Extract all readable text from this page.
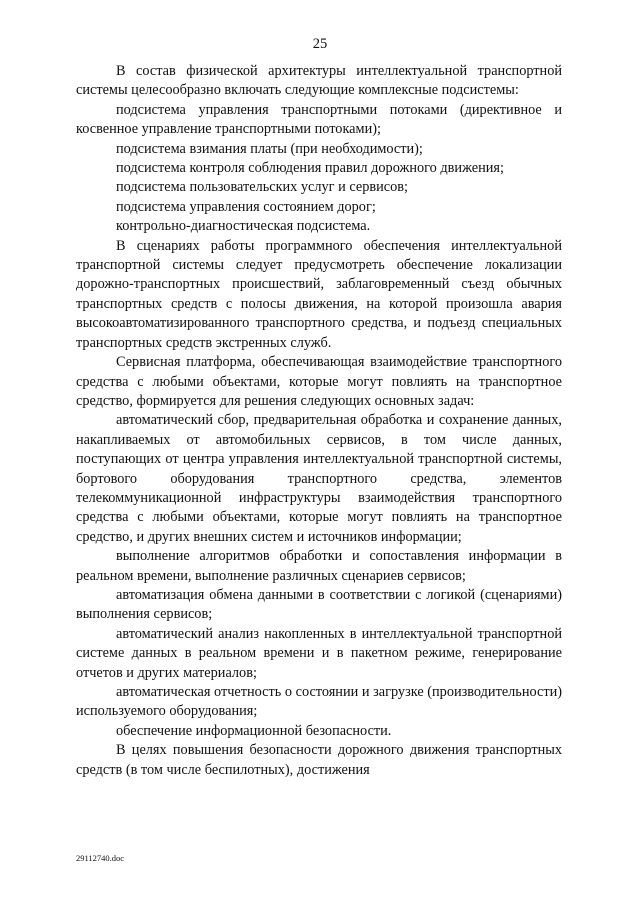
25

В состав физической архитектуры интеллектуальной транспортной системы целесообразно включать следующие комплексные подсистемы:

подсистема управления транспортными потоками (директивное и косвенное управление транспортными потоками);

подсистема взимания платы (при необходимости);

подсистема контроля соблюдения правил дорожного движения;

подсистема пользовательских услуг и сервисов;

подсистема управления состоянием дорог;

контрольно-диагностическая подсистема.

В сценариях работы программного обеспечения интеллектуальной транспортной системы следует предусмотреть обеспечение локализации дорожно-транспортных происшествий, заблаговременный съезд обычных транспортных средств с полосы движения, на которой произошла авария высокоавтоматизированного транспортного средства, и подъезд специальных транспортных средств экстренных служб.

Сервисная платформа, обеспечивающая взаимодействие транспортного средства с любыми объектами, которые могут повлиять на транспортное средство, формируется для решения следующих основных задач:

автоматический сбор, предварительная обработка и сохранение данных, накапливаемых от автомобильных сервисов, в том числе данных, поступающих от центра управления интеллектуальной транспортной системы, бортового оборудования транспортного средства, элементов телекоммуникационной инфраструктуры взаимодействия транспортного средства с любыми объектами, которые могут повлиять на транспортное средство, и других внешних систем и источников информации;

выполнение алгоритмов обработки и сопоставления информации в реальном времени, выполнение различных сценариев сервисов;

автоматизация обмена данными в соответствии с логикой (сценариями) выполнения сервисов;

автоматический анализ накопленных в интеллектуальной транспортной системе данных в реальном времени и в пакетном режиме, генерирование отчетов и других материалов;

автоматическая отчетность о состоянии и загрузке (производительности) используемого оборудования;

обеспечение информационной безопасности.

В целях повышения безопасности дорожного движения транспортных средств (в том числе беспилотных), достижения

29112740.doc
